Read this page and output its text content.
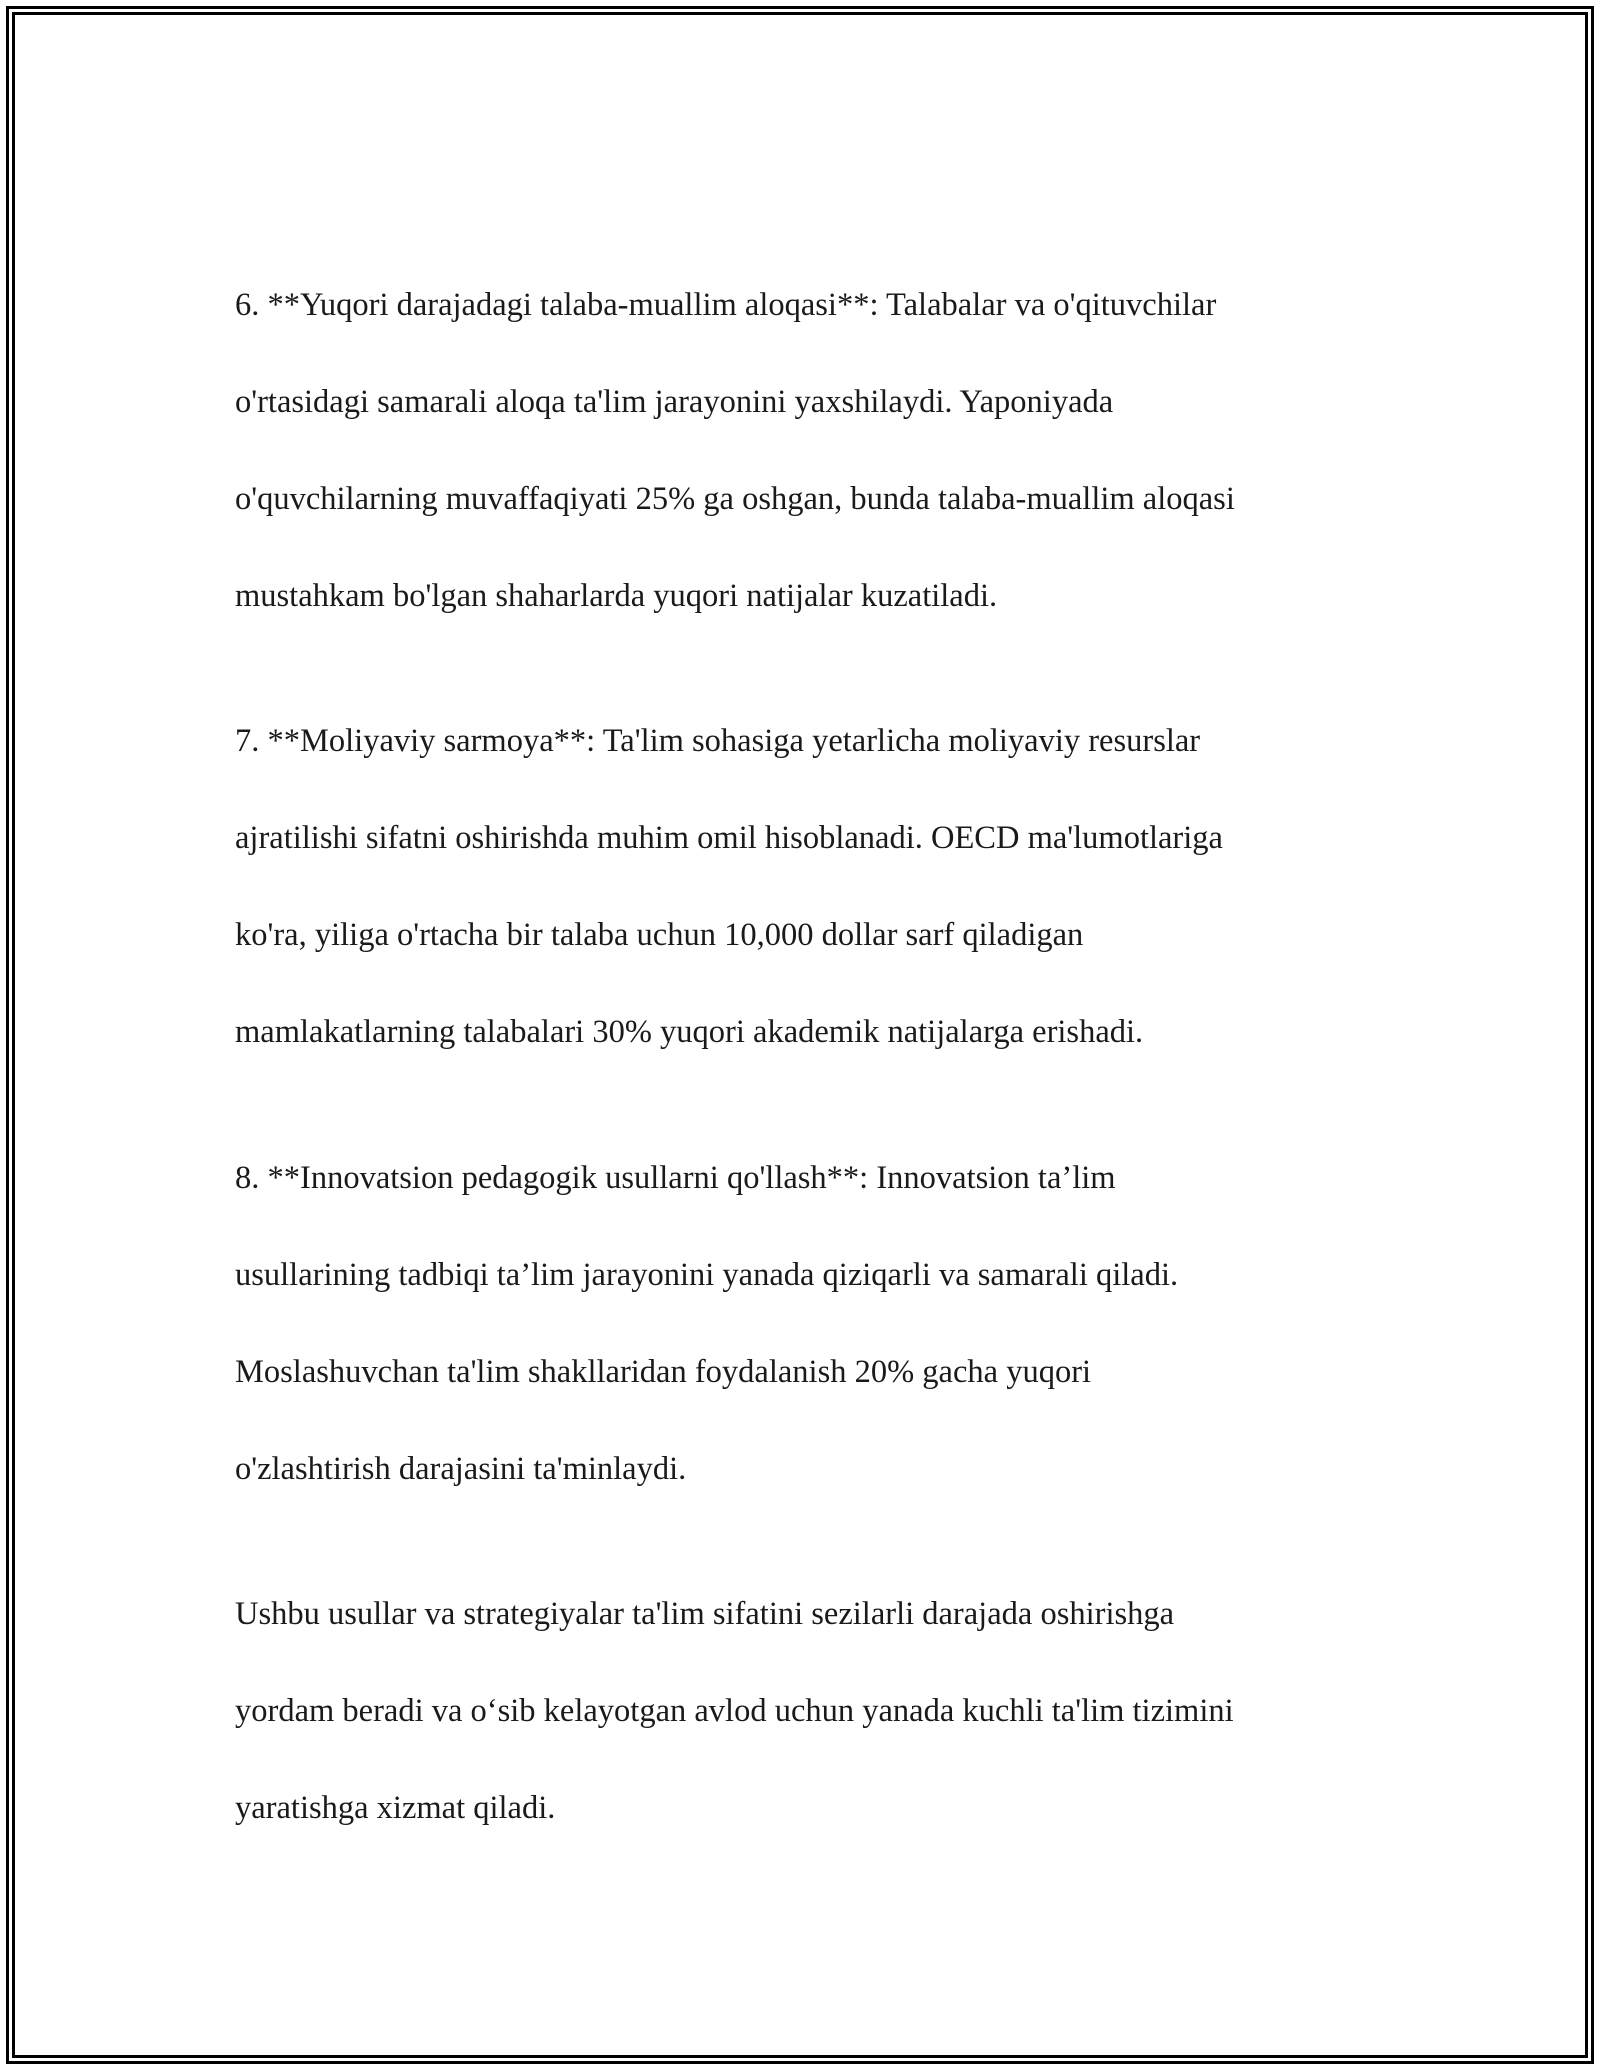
6. **Yuqori darajadagi talaba-muallim aloqasi**: Talabalar va o'qituvchilar

o'rtasidagi samarali aloqa ta'lim jarayonini yaxshilaydi. Yaponiyada

o'quvchilarning muvaffaqiyati 25% ga oshgan, bunda talaba-muallim aloqasi

mustahkam bo'lgan shaharlarda yuqori natijalar kuzatiladi.

7. **Moliyaviy sarmoya**: Ta'lim sohasiga yetarlicha moliyaviy resurslar

ajratilishi sifatni oshirishda muhim omil hisoblanadi. OECD ma'lumotlariga

ko'ra, yiliga o'rtacha bir talaba uchun 10,000 dollar sarf qiladigan

mamlakatlarning talabalari 30% yuqori akademik natijalarga erishadi.

8. **Innovatsion pedagogik usullarni qo'llash**: Innovatsion ta’lim

usullarining tadbiqi ta’lim jarayonini yanada qiziqarli va samarali qiladi.

Moslashuvchan ta'lim shakllaridan foydalanish 20% gacha yuqori

o'zlashtirish darajasini ta'minlaydi.

Ushbu usullar va strategiyalar ta'lim sifatini sezilarli darajada oshirishga

yordam beradi va o‘sib kelayotgan avlod uchun yanada kuchli ta'lim tizimini

yaratishga xizmat qiladi.
